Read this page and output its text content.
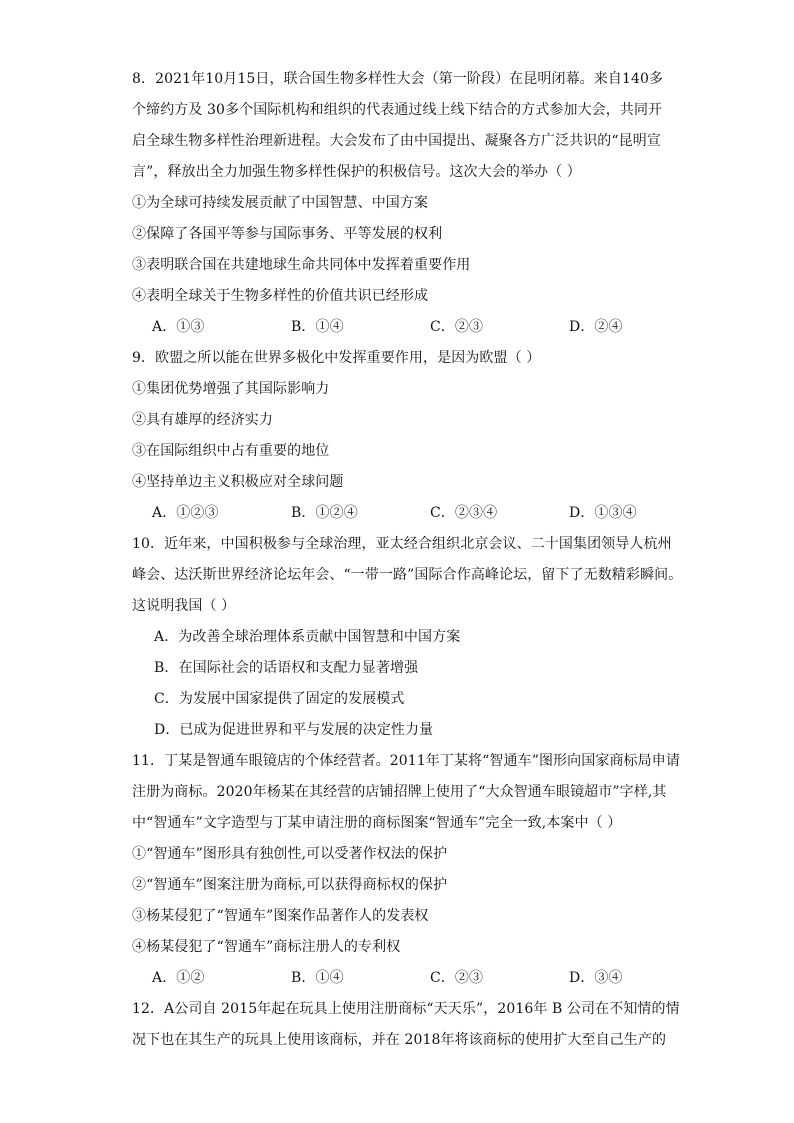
8．2021年10月15日，联合国生物多样性大会（第一阶段）在昆明闭幕。来自140多
个缔约方及 30多个国际机构和组织的代表通过线上线下结合的方式参加大会，共同开
启全球生物多样性治理新进程。大会发布了由中国提出、凝聚各方广泛共识的“昆明宣
言”，释放出全力加强生物多样性保护的积极信号。这次大会的举办（ ）
①为全球可持续发展贡献了中国智慧、中国方案
②保障了各国平等参与国际事务、平等发展的权利
③表明联合国在共建地球生命共同体中发挥着重要作用
④表明全球关于生物多样性的价值共识已经形成
A．①③	B．①④	C．②③	D．②④
9．欧盟之所以能在世界多极化中发挥重要作用，是因为欧盟（ ）
①集团优势增强了其国际影响力
②具有雄厚的经济实力
③在国际组织中占有重要的地位
④坚持单边主义积极应对全球问题
A．①②③	B．①②④	C．②③④	D．①③④
10．近年来，中国积极参与全球治理，亚太经合组织北京会议、二十国集团领导人杭州
峰会、达沃斯世界经济论坛年会、“一带一路”国际合作高峰论坛，留下了无数精彩瞬间。
这说明我国（ ）
A．为改善全球治理体系贡献中国智慧和中国方案
B．在国际社会的话语权和支配力显著增强
C．为发展中国家提供了固定的发展模式
D．已成为促进世界和平与发展的决定性力量
11．丁某是智通车眼镜店的个体经营者。2011年丁某将“智通车”图形向国家商标局申请
注册为商标。2020年杨某在其经营的店铺招牌上使用了“大众智通车眼镜超市”字样,其
中“智通车”文字造型与丁某申请注册的商标图案“智通车”完全一致,本案中（ ）
①“智通车”图形具有独创性,可以受著作权法的保护
②“智通车”图案注册为商标,可以获得商标权的保护
③杨某侵犯了“智通车”图案作品著作人的发表权
④杨某侵犯了“智通车”商标注册人的专利权
A．①②	B．①④	C．②③	D．③④
12．A公司自 2015年起在玩具上使用注册商标“天天乐”，2016年 B 公司在不知情的情
况下也在其生产的玩具上使用该商标，并在 2018年将该商标的使用扩大至自己生产的
